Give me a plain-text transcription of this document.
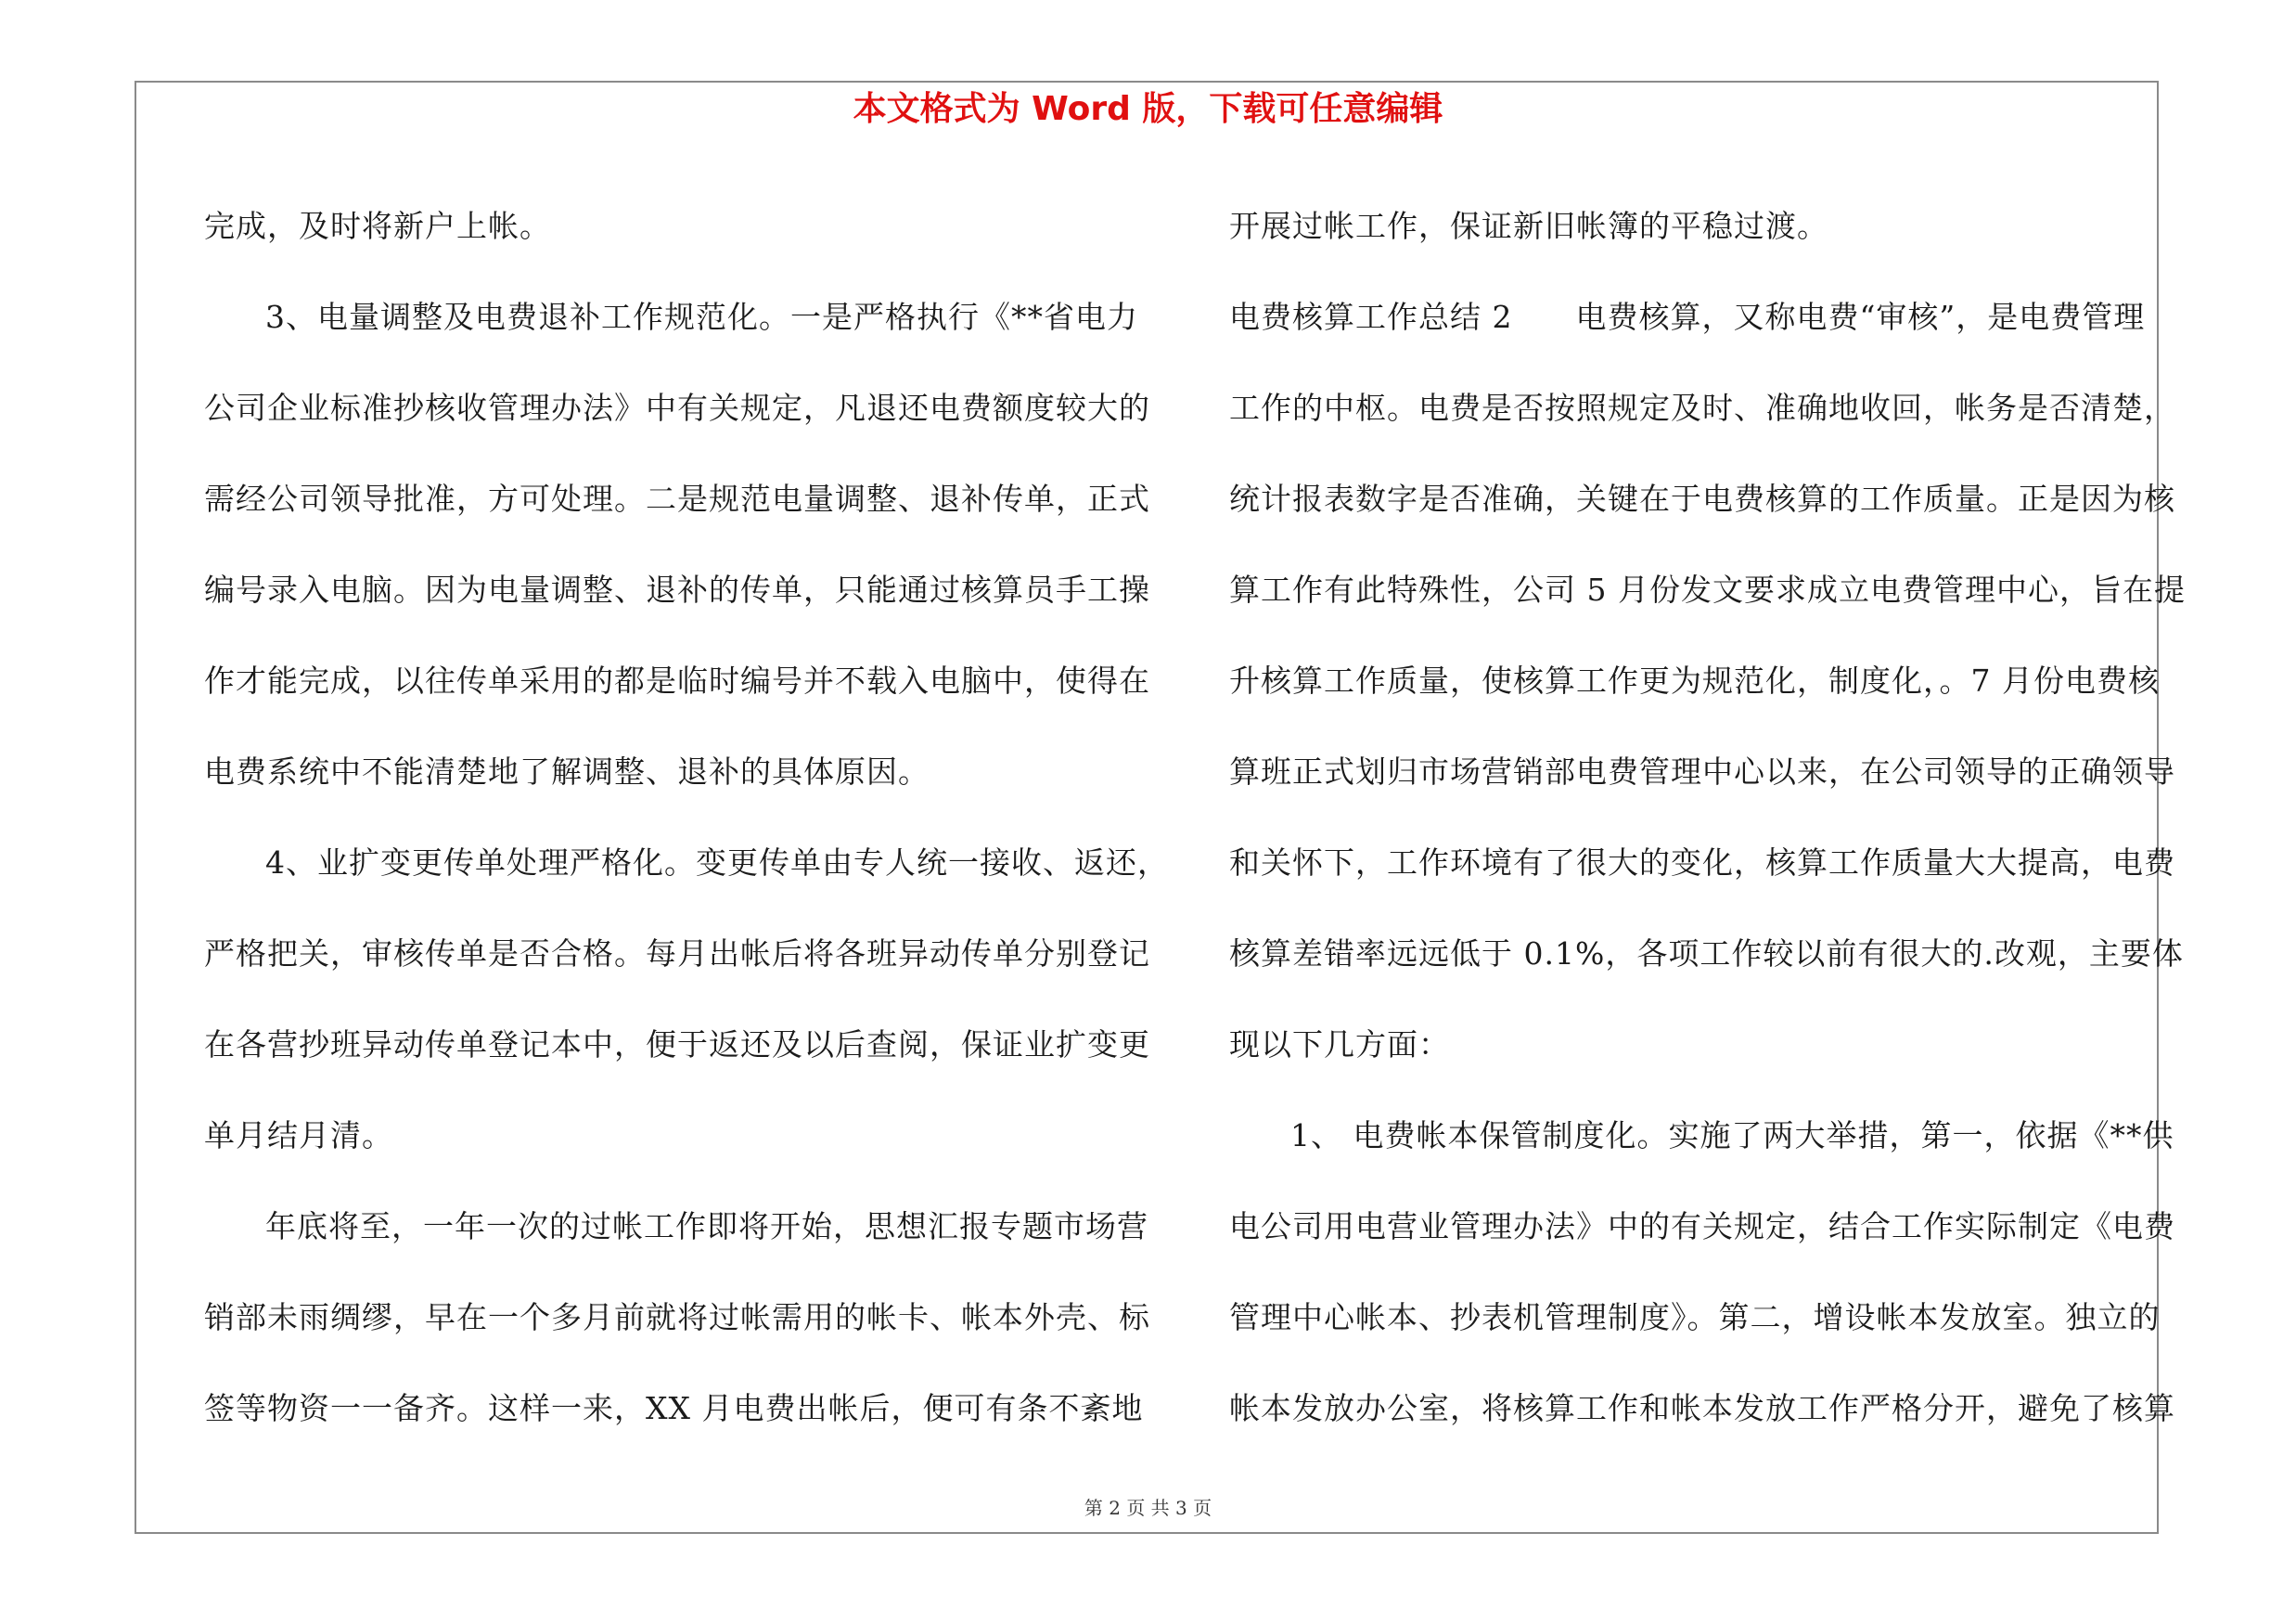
本文格式为 Word 版，下载可任意编辑

完成，及时将新户上帐。

3、电量调整及电费退补工作规范化。一是严格执行《**省电力

公司企业标准抄核收管理办法》中有关规定，凡退还电费额度较大的

需经公司领导批准，方可处理。二是规范电量调整、退补传单，正式

编号录入电脑。因为电量调整、退补的传单，只能通过核算员手工操

作才能完成，以往传单采用的都是临时编号并不载入电脑中，使得在

电费系统中不能清楚地了解调整、退补的具体原因。

4、业扩变更传单处理严格化。变更传单由专人统一接收、返还，

严格把关，审核传单是否合格。每月出帐后将各班异动传单分别登记

在各营抄班异动传单登记本中，便于返还及以后查阅，保证业扩变更

单月结月清。

年底将至，一年一次的过帐工作即将开始，思想汇报专题市场营

销部未雨绸缪，早在一个多月前就将过帐需用的帐卡、帐本外壳、标

签等物资一一备齐。这样一来，XX 月电费出帐后，便可有条不紊地

开展过帐工作，保证新旧帐簿的平稳过渡。

电费核算工作总结 2　　电费核算，又称电费“审核”，是电费管理

工作的中枢。电费是否按照规定及时、准确地收回，帐务是否清楚，

统计报表数字是否准确，关键在于电费核算的工作质量。正是因为核

算工作有此特殊性，公司 5 月份发文要求成立电费管理中心，旨在提

升核算工作质量，使核算工作更为规范化，制度化，。7 月份电费核

算班正式划归市场营销部电费管理中心以来，在公司领导的正确领导

和关怀下，工作环境有了很大的变化，核算工作质量大大提高，电费

核算差错率远远低于 0.1%，各项工作较以前有很大的.改观，主要体

现以下几方面：

1、 电费帐本保管制度化。实施了两大举措，第一，依据《**供

电公司用电营业管理办法》中的有关规定，结合工作实际制定《电费

管理中心帐本、抄表机管理制度》。第二，增设帐本发放室。独立的

帐本发放办公室，将核算工作和帐本发放工作严格分开，避免了核算

第 2 页 共 3 页
